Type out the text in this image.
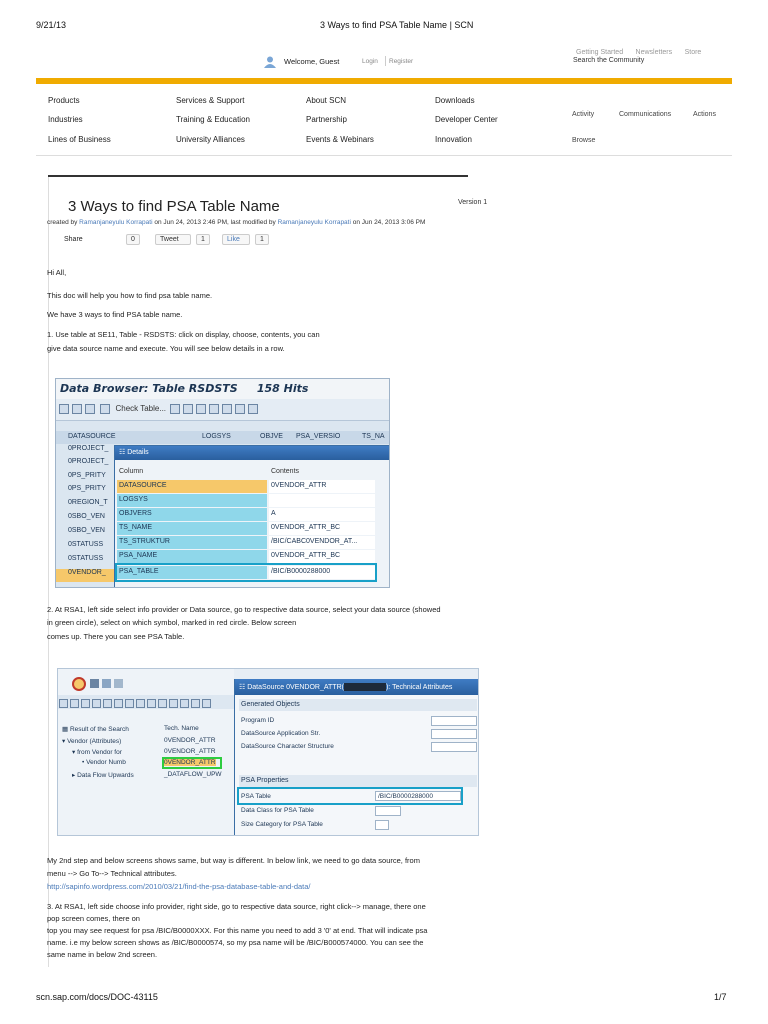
9/21/13	3 Ways to find PSA Table Name | SCN
Getting Started Newsletters Store
Welcome, Guest	Login Register	Search the Community
Products
Industries
Lines of Business
Services & Support
Training & Education
University Alliances
About SCN
Partnership
Events & Webinars
Downloads
Developer Center
Innovation
Activity	Communications	Actions
Browse
3 Ways to find PSA Table Name	Version 1
created by Ramanjaneyulu Korrapati on Jun 24, 2013 2:46 PM, last modified by Ramanjaneyulu Korrapati on Jun 24, 2013 3:06 PM
Share	0	Tweet	1	Like	1
Hi All,
This doc will help you how to find psa table name.
We have 3 ways to find PSA table name.
1. Use table at SE11, Table - RSDSTS: click on display, choose, contents, you can
give data source name and execute. You will see below details in a row.
Data Browser: Table RSDSTS 158 Hits
Check Table...
DATASOURCE	LOGSYS	OBJVE PSA_VERSIO	TS_NA
0PROJECT_
0PROJECT_
0PS_PRITY
0PS_PRITY
0REGION_T
0SBO_VEN
0SBO_VEN
0STATUSS
0STATUSS
0VENDOR_
☷ Details
Column	Contents
DATASOURCE	0VENDOR_ATTR
LOGSYS
OBJVERS	A
TS_NAME	0VENDOR_ATTR_BC
TS_STRUKTUR	/BIC/CABC0VENDOR_AT...
PSA_NAME	0VENDOR_ATTR_BC
PSA_TABLE	/BIC/B0000288000
2. At RSA1, left side select info provider or Data source, go to respective data source, select your data source (showed
in green circle), select on which symbol, marked in red circle. Below screen
comes up. There you can see PSA Table.
▦ Result of the Search	Tech. Name
▾ Vendor (Attributes)	0VENDOR_ATTR
▾ from Vendor for	0VENDOR_ATTR
• Vendor Numb	0VENDOR_ATTR
▸ Data Flow Upwards	_DATAFLOW_UPW
☷ DataSource 0VENDOR_ATTR(	): Technical Attributes
Generated Objects
Program ID
DataSource Application Str.
DataSource Character Structure
PSA Properties
PSA Table	/BIC/B0000288000
Data Class for PSA Table
Size Category for PSA Table
My 2nd step and below screens shows same, but way is different. In below link, we need to go data source, from
menu --> Go To--> Technical attributes.
http://sapinfo.wordpress.com/2010/03/21/find-the-psa-database-table-and-data/
3. At RSA1, left side choose info provider, right side, go to respective data source, right click--> manage, there one
pop screen comes, there on
top you may see request for psa /BIC/B0000XXX. For this name you need to add 3 '0' at end. That will indicate psa
name. i.e my below screen shows as /BIC/B0000574, so my psa name will be /BIC/B000574000. You can see the
same name in below 2nd screen.
scn.sap.com/docs/DOC-43115	1/7
